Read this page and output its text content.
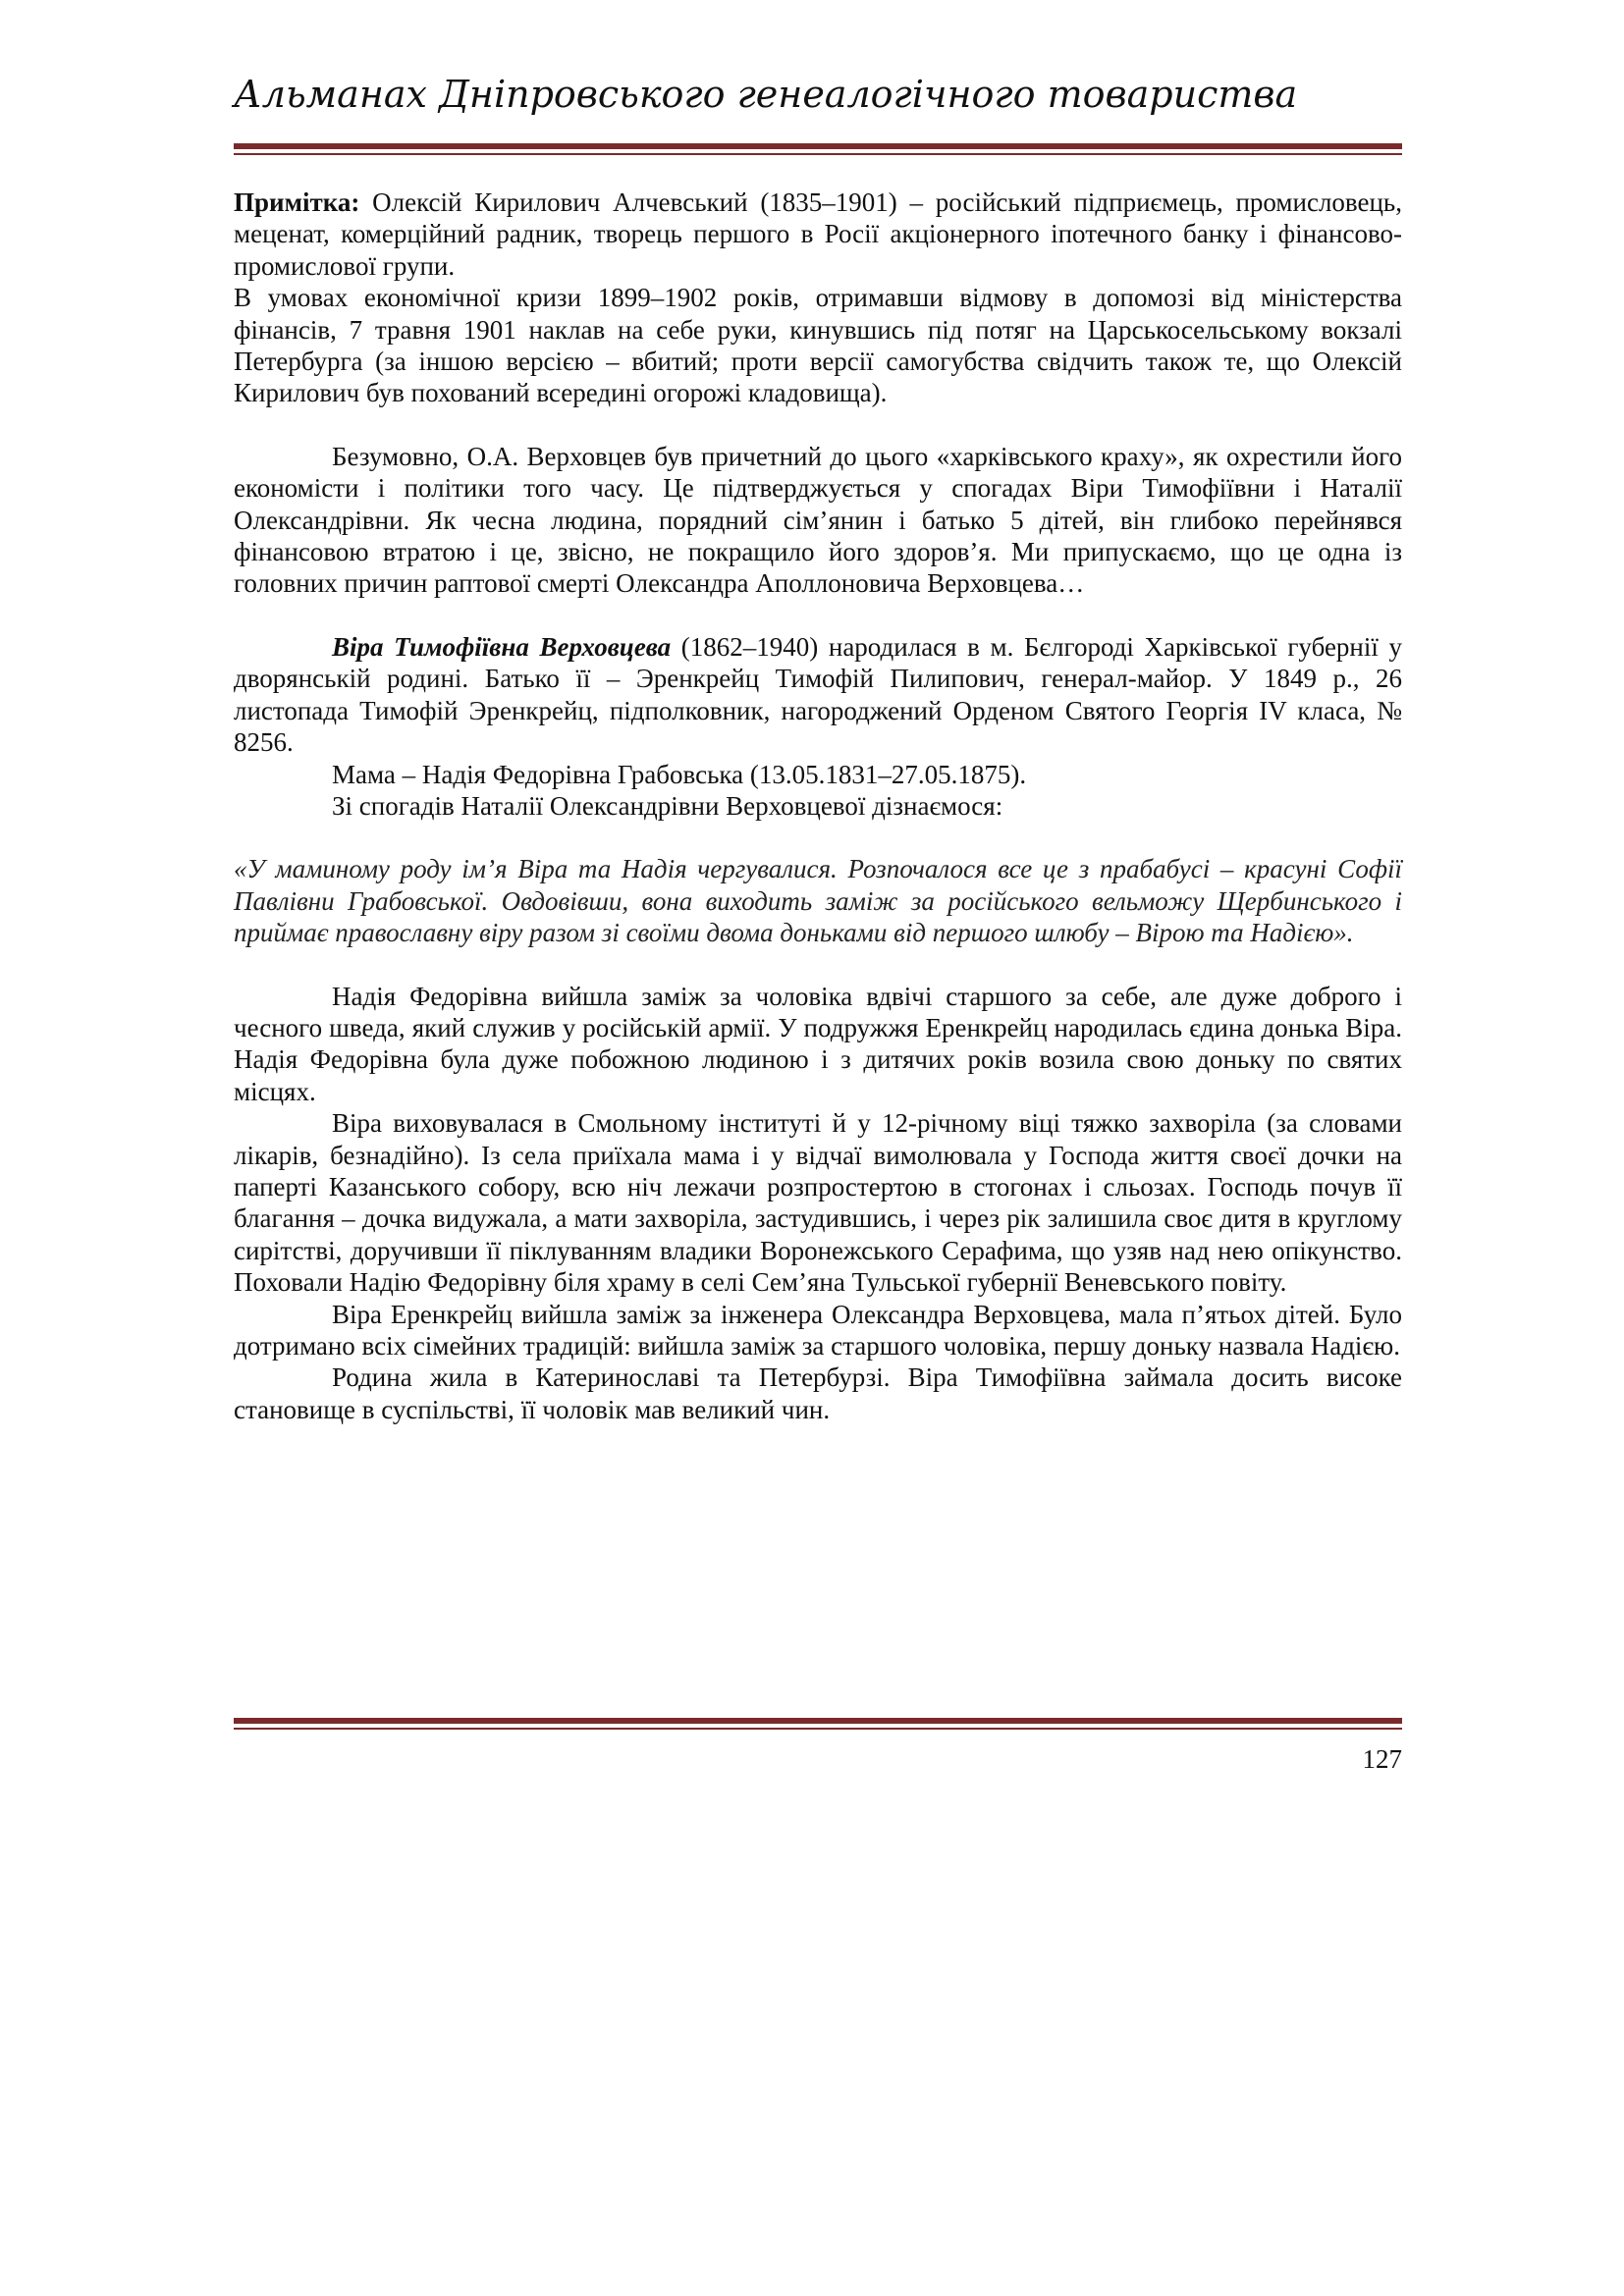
Альманах Дніпровського генеалогічного товариства

Примітка: Олексій Кирилович Алчевський (1835–1901) – російський підприємець, промисловець, меценат, комерційний радник, творець першого в Росії акціонерного іпотечного банку і фінансово-промислової групи.

В умовах економічної кризи 1899–1902 років, отримавши відмову в допомозі від міністерства фінансів, 7 травня 1901 наклав на себе руки, кинувшись під потяг на Царськосельському вокзалі Петербурга (за іншою версією – вбитий; проти версії самогубства свідчить також те, що Олексій Кирилович був похований всередині огорожі кладовища).

Безумовно, О.А. Верховцев був причетний до цього «харківського краху», як охрестили його економісти і політики того часу. Це підтверджується у спогадах Віри Тимофіївни і Наталії Олександрівни. Як чесна людина, порядний сім’янин і батько 5 дітей, він глибоко перейнявся фінансовою втратою і це, звісно, не покращило його здоров’я. Ми припускаємо, що це одна із головних причин раптової смерті Олександра Аполлоновича Верховцева…

Віра Тимофіївна Верховцева (1862–1940) народилася в м. Бєлгороді Харківської губернії у дворянській родині. Батько її – Эренкрейц Тимофій Пилипович, генерал-майор. У 1849 р., 26 листопада Тимофій Эренкрейц, підполковник, нагороджений Орденом Святого Георгія IV класа, № 8256.

Мама – Надія Федорівна Грабовська (13.05.1831–27.05.1875).

Зі спогадів Наталії Олександрівни Верховцевої дізнаємося:

«У маминому роду ім’я Віра та Надія чергувалися. Розпочалося все це з прабабусі – красуні Софії Павлівни Грабовської. Овдовівши, вона виходить заміж за російського вельможу Щербинського і приймає православну віру разом зі своїми двома доньками від першого шлюбу – Вірою та Надією».

Надія Федорівна вийшла заміж за чоловіка вдвічі старшого за себе, але дуже доброго і чесного шведа, який служив у російській армії. У подружжя Еренкрейц народилась єдина донька Віра. Надія Федорівна була дуже побожною людиною і з дитячих років возила свою доньку по святих місцях.

Віра виховувалася в Смольному інституті й у 12-річному віці тяжко захворіла (за словами лікарів, безнадійно). Із села приїхала мама і у відчаї вимолювала у Господа життя своєї дочки на паперті Казанського собору, всю ніч лежачи розпростертою в стогонах і сльозах. Господь почув її благання – дочка видужала, а мати захворіла, застудившись, і через рік залишила своє дитя в круглому сирітстві, доручивши її піклуванням владики Воронежського Серафима, що узяв над нею опікунство. Поховали Надію Федорівну біля храму в селі Сем’яна Тульської губернії Веневського повіту.

Віра Еренкрейц вийшла заміж за інженера Олександра Верховцева, мала п’ятьох дітей. Було дотримано всіх сімейних традицій: вийшла заміж за старшого чоловіка, першу доньку назвала Надією.

Родина жила в Катеринославі та Петербурзі. Віра Тимофіївна займала досить високе становище в суспільстві, її чоловік мав великий чин.

127
